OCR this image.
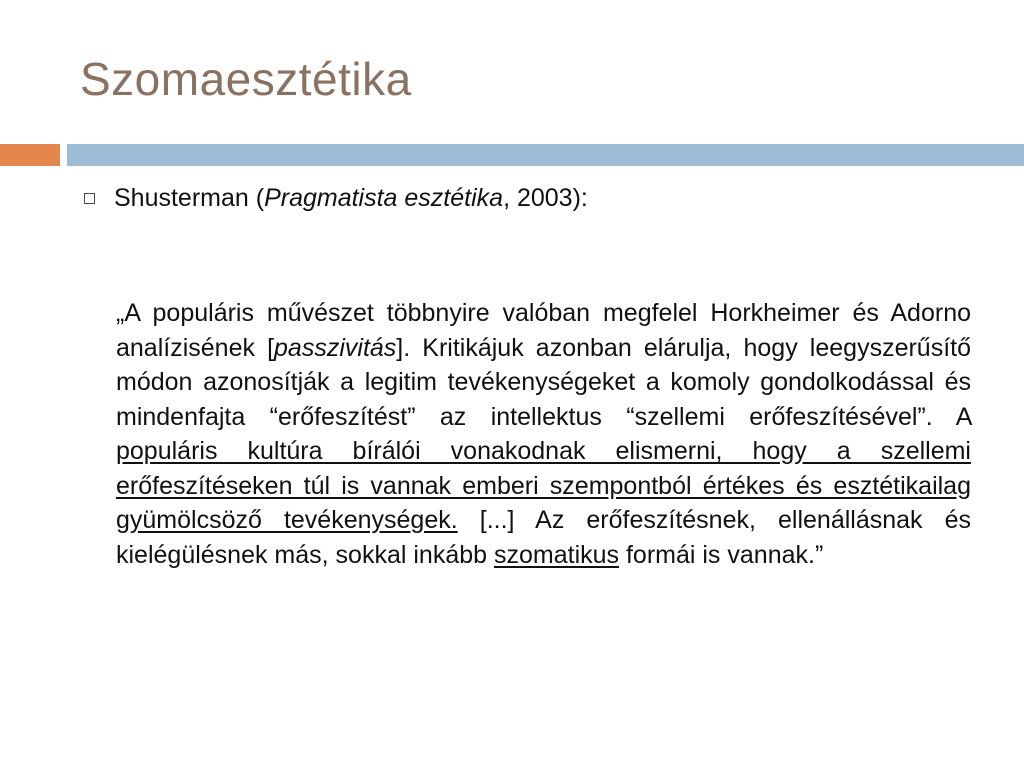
Szomaesztétika
Shusterman (Pragmatista esztétika, 2003):
„A populáris művészet többnyire valóban megfelel Horkheimer és Adorno analízisének [passzivitás]. Kritikájuk azonban elárulja, hogy leegyszerűsítő módon azonosítják a legitim tevékenységeket a komoly gondolkodással és mindenfajta “erőfeszítést” az intellektus “szellemi erőfeszítésével”. A populáris kultúra bírálói vonakodnak elismerni, hogy a szellemi erőfeszítéseken túl is vannak emberi szempontból értékes és esztétikailag gyümölcsöző tevékenységek. [...] Az erőfeszítésnek, ellenállásnak és kielégülésnek más, sokkal inkább szomatikus formái is vannak.”
